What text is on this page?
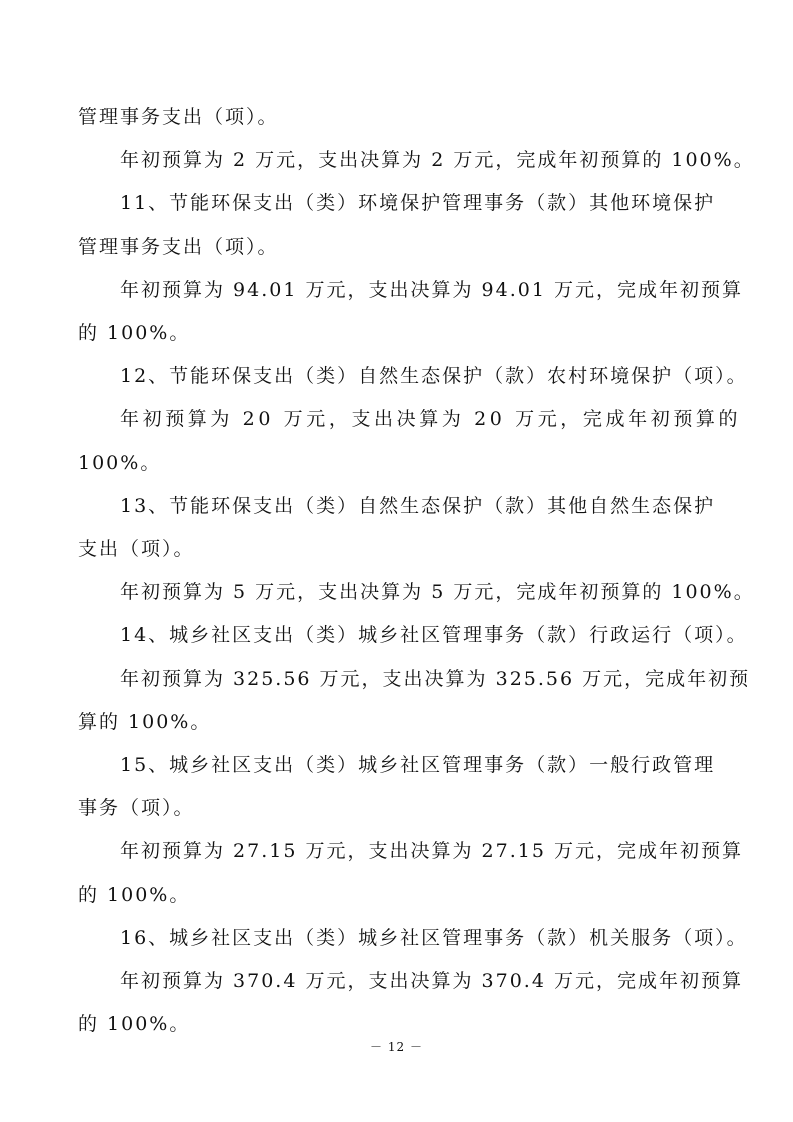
管理事务支出（项）。

年初预算为 2 万元，支出决算为 2 万元，完成年初预算的 100%。

11、节能环保支出（类）环境保护管理事务（款）其他环境保护

管理事务支出（项）。

年初预算为 94.01 万元，支出决算为 94.01 万元，完成年初预算

的 100%。

12、节能环保支出（类）自然生态保护（款）农村环境保护（项）。

年初预算为 20 万元，支出决算为 20 万元，完成年初预算的

100%。

13、节能环保支出（类）自然生态保护（款）其他自然生态保护

支出（项）。

年初预算为 5 万元，支出决算为 5 万元，完成年初预算的 100%。

14、城乡社区支出（类）城乡社区管理事务（款）行政运行（项）。

年初预算为 325.56 万元，支出决算为 325.56 万元，完成年初预

算的 100%。

15、城乡社区支出（类）城乡社区管理事务（款）一般行政管理

事务（项）。

年初预算为 27.15 万元，支出决算为 27.15 万元，完成年初预算

的 100%。

16、城乡社区支出（类）城乡社区管理事务（款）机关服务（项）。

年初预算为 370.4 万元，支出决算为 370.4 万元，完成年初预算

的 100%。

－ 12 －
